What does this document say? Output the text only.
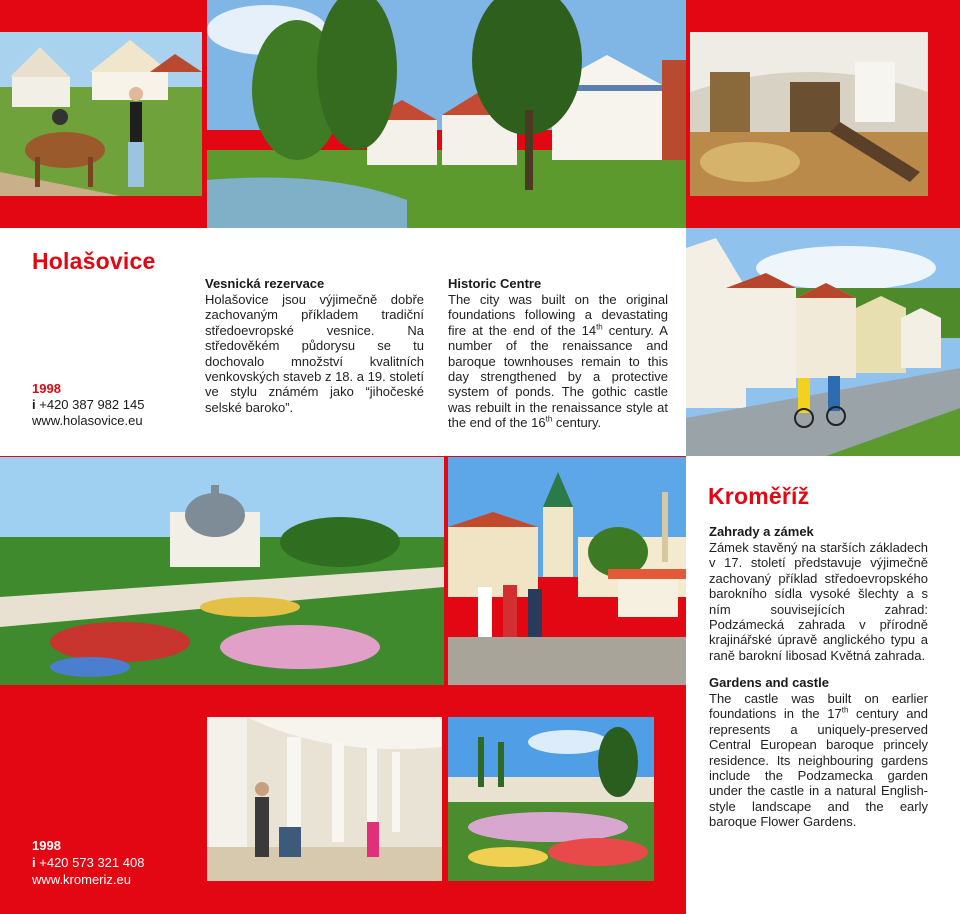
Holašovice
1998
i +420 387 982 145
www.holasovice.eu
Vesnická rezervace
Holašovice jsou výjimečně dobře zachovaným příkladem tradiční středoevropské vesnice. Na středověkém půdorysu se tu dochovalo množství kvalitních venkovských staveb z 18. a 19. století ve stylu známém jako “jihočeské selské baroko”.
Historic Centre
The city was built on the original foundations following a devastating fire at the end of the 14th century. A number of the renaissance and baroque townhouses remain to this day strengthened by a protective system of ponds. The gothic castle was rebuilt in the renaissance style at the end of the 16th century.
Kroměříž
Zahrady a zámek
Zámek stavěný na starších základech v 17. století představuje výjimečně zachovaný příklad středoevropského barokního sídla vysoké šlechty a s ním souvisejících zahrad: Podzámecká zahrada v přírodně krajinářské úpravě anglického typu a raně barokní libosad Květná zahrada.
Gardens and castle
The castle was built on earlier foundations in the 17th century and represents a uniquely-preserved Central European baroque princely residence. Its neighbouring gardens include the Podzamecka garden under the castle in a natural English-style landscape and the early baroque Flower Gardens.
1998
i +420 573 321 408
www.kromeriz.eu
